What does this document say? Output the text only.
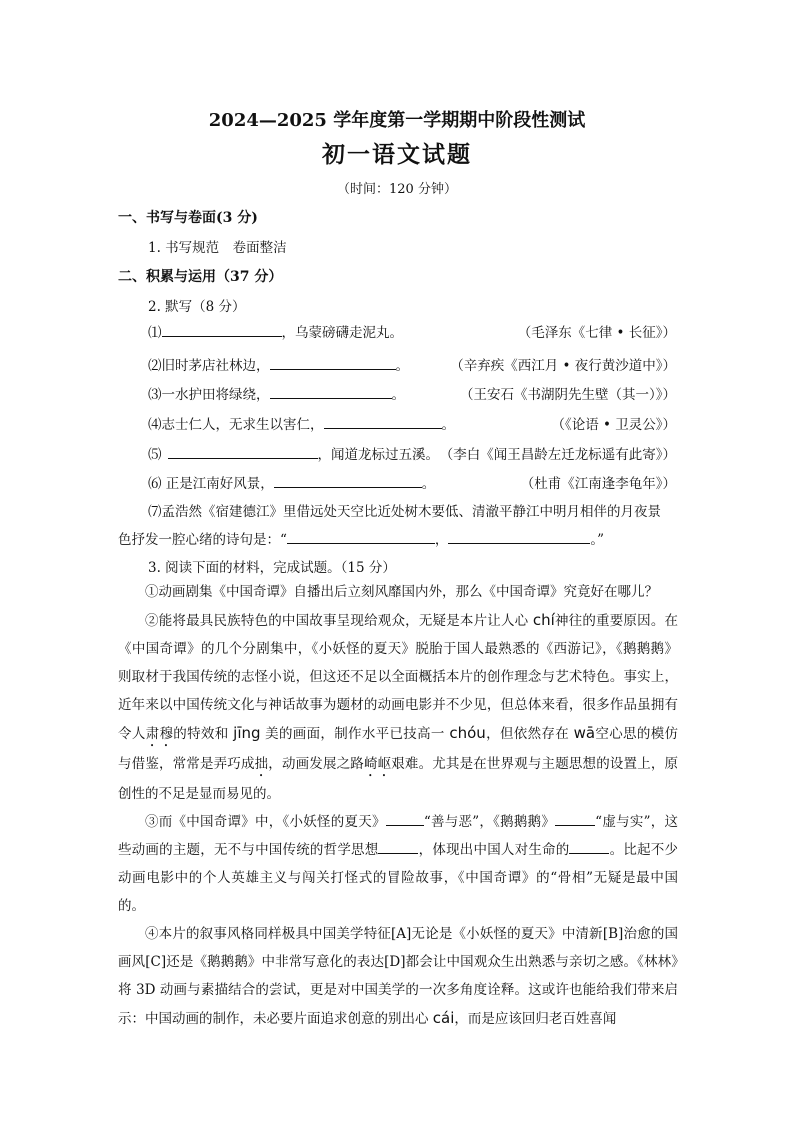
2024—2025 学年度第一学期期中阶段性测试
初一语文试题
（时间：120 分钟）
一、书写与卷面(3 分)
1. 书写规范　卷面整洁
二、积累与运用（37 分）
2. 默写（8 分）
⑴	，乌蒙磅礴走泥丸。	（毛泽东《七律 • 长征》）
⑵旧时茅店社林边，	。	（辛弃疾《西江月 • 夜行黄沙道中》）
⑶一水护田将绿绕，	。	（王安石《书湖阴先生壁（其一）》）
⑷志士仁人，无求生以害仁，	。	（《论语 • 卫灵公》）
⑸	，闻道龙标过五溪。 （李白《闻王昌龄左迁龙标遥有此寄》）
⑹ 正是江南好风景，	。	（杜甫《江南逢李龟年》）
⑺孟浩然《宿建德江》里借远处天空比近处树木要低、清澈平静江中明月相伴的月夜景
色抒发一腔心绪的诗句是：“	，	。”
3. 阅读下面的材料，完成试题。（15 分）

①动画剧集《中国奇谭》自播出后立刻风靡国内外，那么《中国奇谭》究竟好在哪儿？

②能将最具民族特色的中国故事呈现给观众，无疑是本片让人心 chí神往的重要原因。在《中国奇谭》的几个分剧集中，《小妖怪的夏天》脱胎于国人最熟悉的《西游记》，《鹅鹅鹅》则取材于我国传统的志怪小说，但这还不足以全面概括本片的创作理念与艺术特色。事实上，近年来以中国传统文化与神话故事为题材的动画电影并不少见，但总体来看，很多作品虽拥有令人肃穆的特效和 jīng 美的画面，制作水平已技高一 chóu，但依然存在 wā空心思的模仿与借鉴，常常是弄巧成拙，动画发展之路崎岖艰难。尤其是在世界观与主题思想的设置上，原创性的不足是显而易见的。

③而《中国奇谭》中，《小妖怪的夏天》	“善与恶”，《鹅鹅鹅》	“虚与实”，这些动画的主题，无不与中国传统的哲学思想	，体现出中国人对生命的	。比起不少动画电影中的个人英雄主义与闯关打怪式的冒险故事，《中国奇谭》的“骨相”无疑是最中国的。

④本片的叙事风格同样极具中国美学特征[A]无论是《小妖怪的夏天》中清新[B]治愈的国画风[C]还是《鹅鹅鹅》中非常写意化的表达[D]都会让中国观众生出熟悉与亲切之感。《林林》将 3D 动画与素描结合的尝试，更是对中国美学的一次多角度诠释。这或许也能给我们带来启示：中国动画的制作，未必要片面追求创意的别出心 cái，而是应该回归老百姓喜闻
